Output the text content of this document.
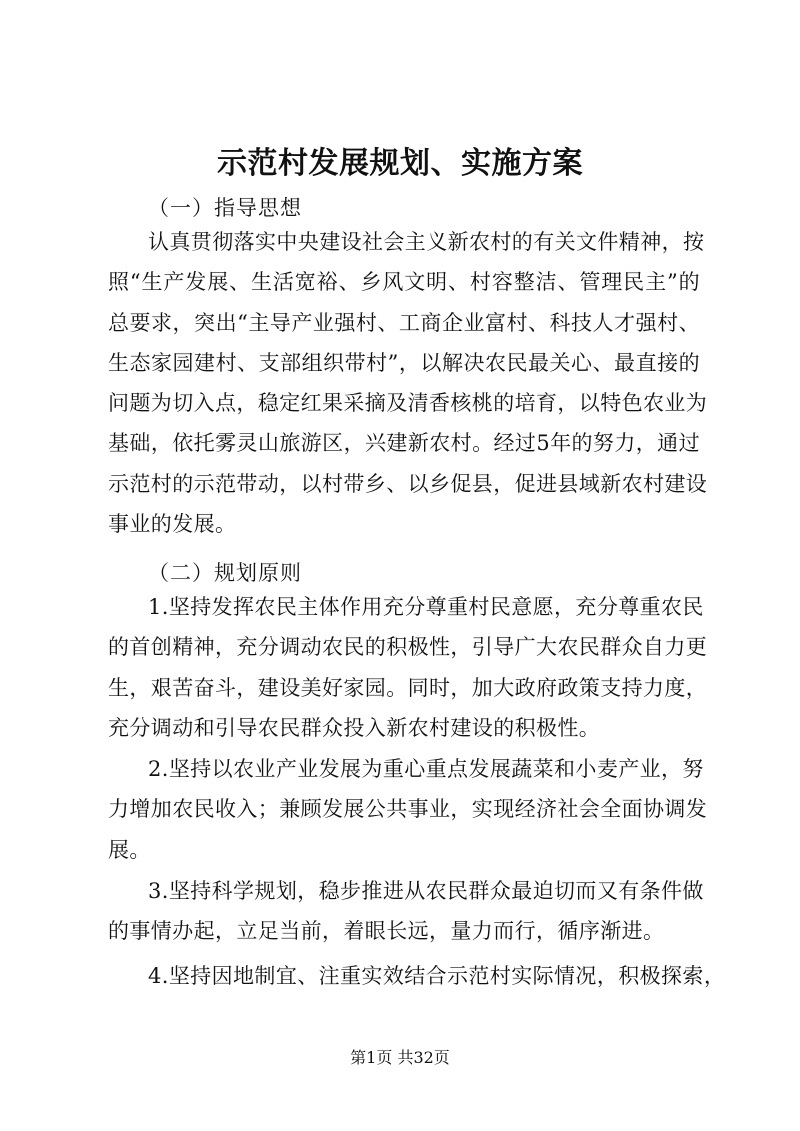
示范村发展规划、实施方案
（一）指导思想
认真贯彻落实中央建设社会主义新农村的有关文件精神，按
照“生产发展、生活宽裕、乡风文明、村容整洁、管理民主”的
总要求，突出“主导产业强村、工商企业富村、科技人才强村、
生态家园建村、支部组织带村”，以解决农民最关心、最直接的
问题为切入点，稳定红果采摘及清香核桃的培育，以特色农业为
基础，依托雾灵山旅游区，兴建新农村。经过5年的努力，通过
示范村的示范带动，以村带乡、以乡促县，促进县域新农村建设
事业的发展。
（二）规划原则
1.坚持发挥农民主体作用充分尊重村民意愿，充分尊重农民
的首创精神，充分调动农民的积极性，引导广大农民群众自力更
生，艰苦奋斗，建设美好家园。同时，加大政府政策支持力度，
充分调动和引导农民群众投入新农村建设的积极性。
2.坚持以农业产业发展为重心重点发展蔬菜和小麦产业，努
力增加农民收入；兼顾发展公共事业，实现经济社会全面协调发
展。
3.坚持科学规划，稳步推进从农民群众最迫切而又有条件做
的事情办起，立足当前，着眼长远，量力而行，循序渐进。
4.坚持因地制宜、注重实效结合示范村实际情况，积极探索，
第1页 共32页
